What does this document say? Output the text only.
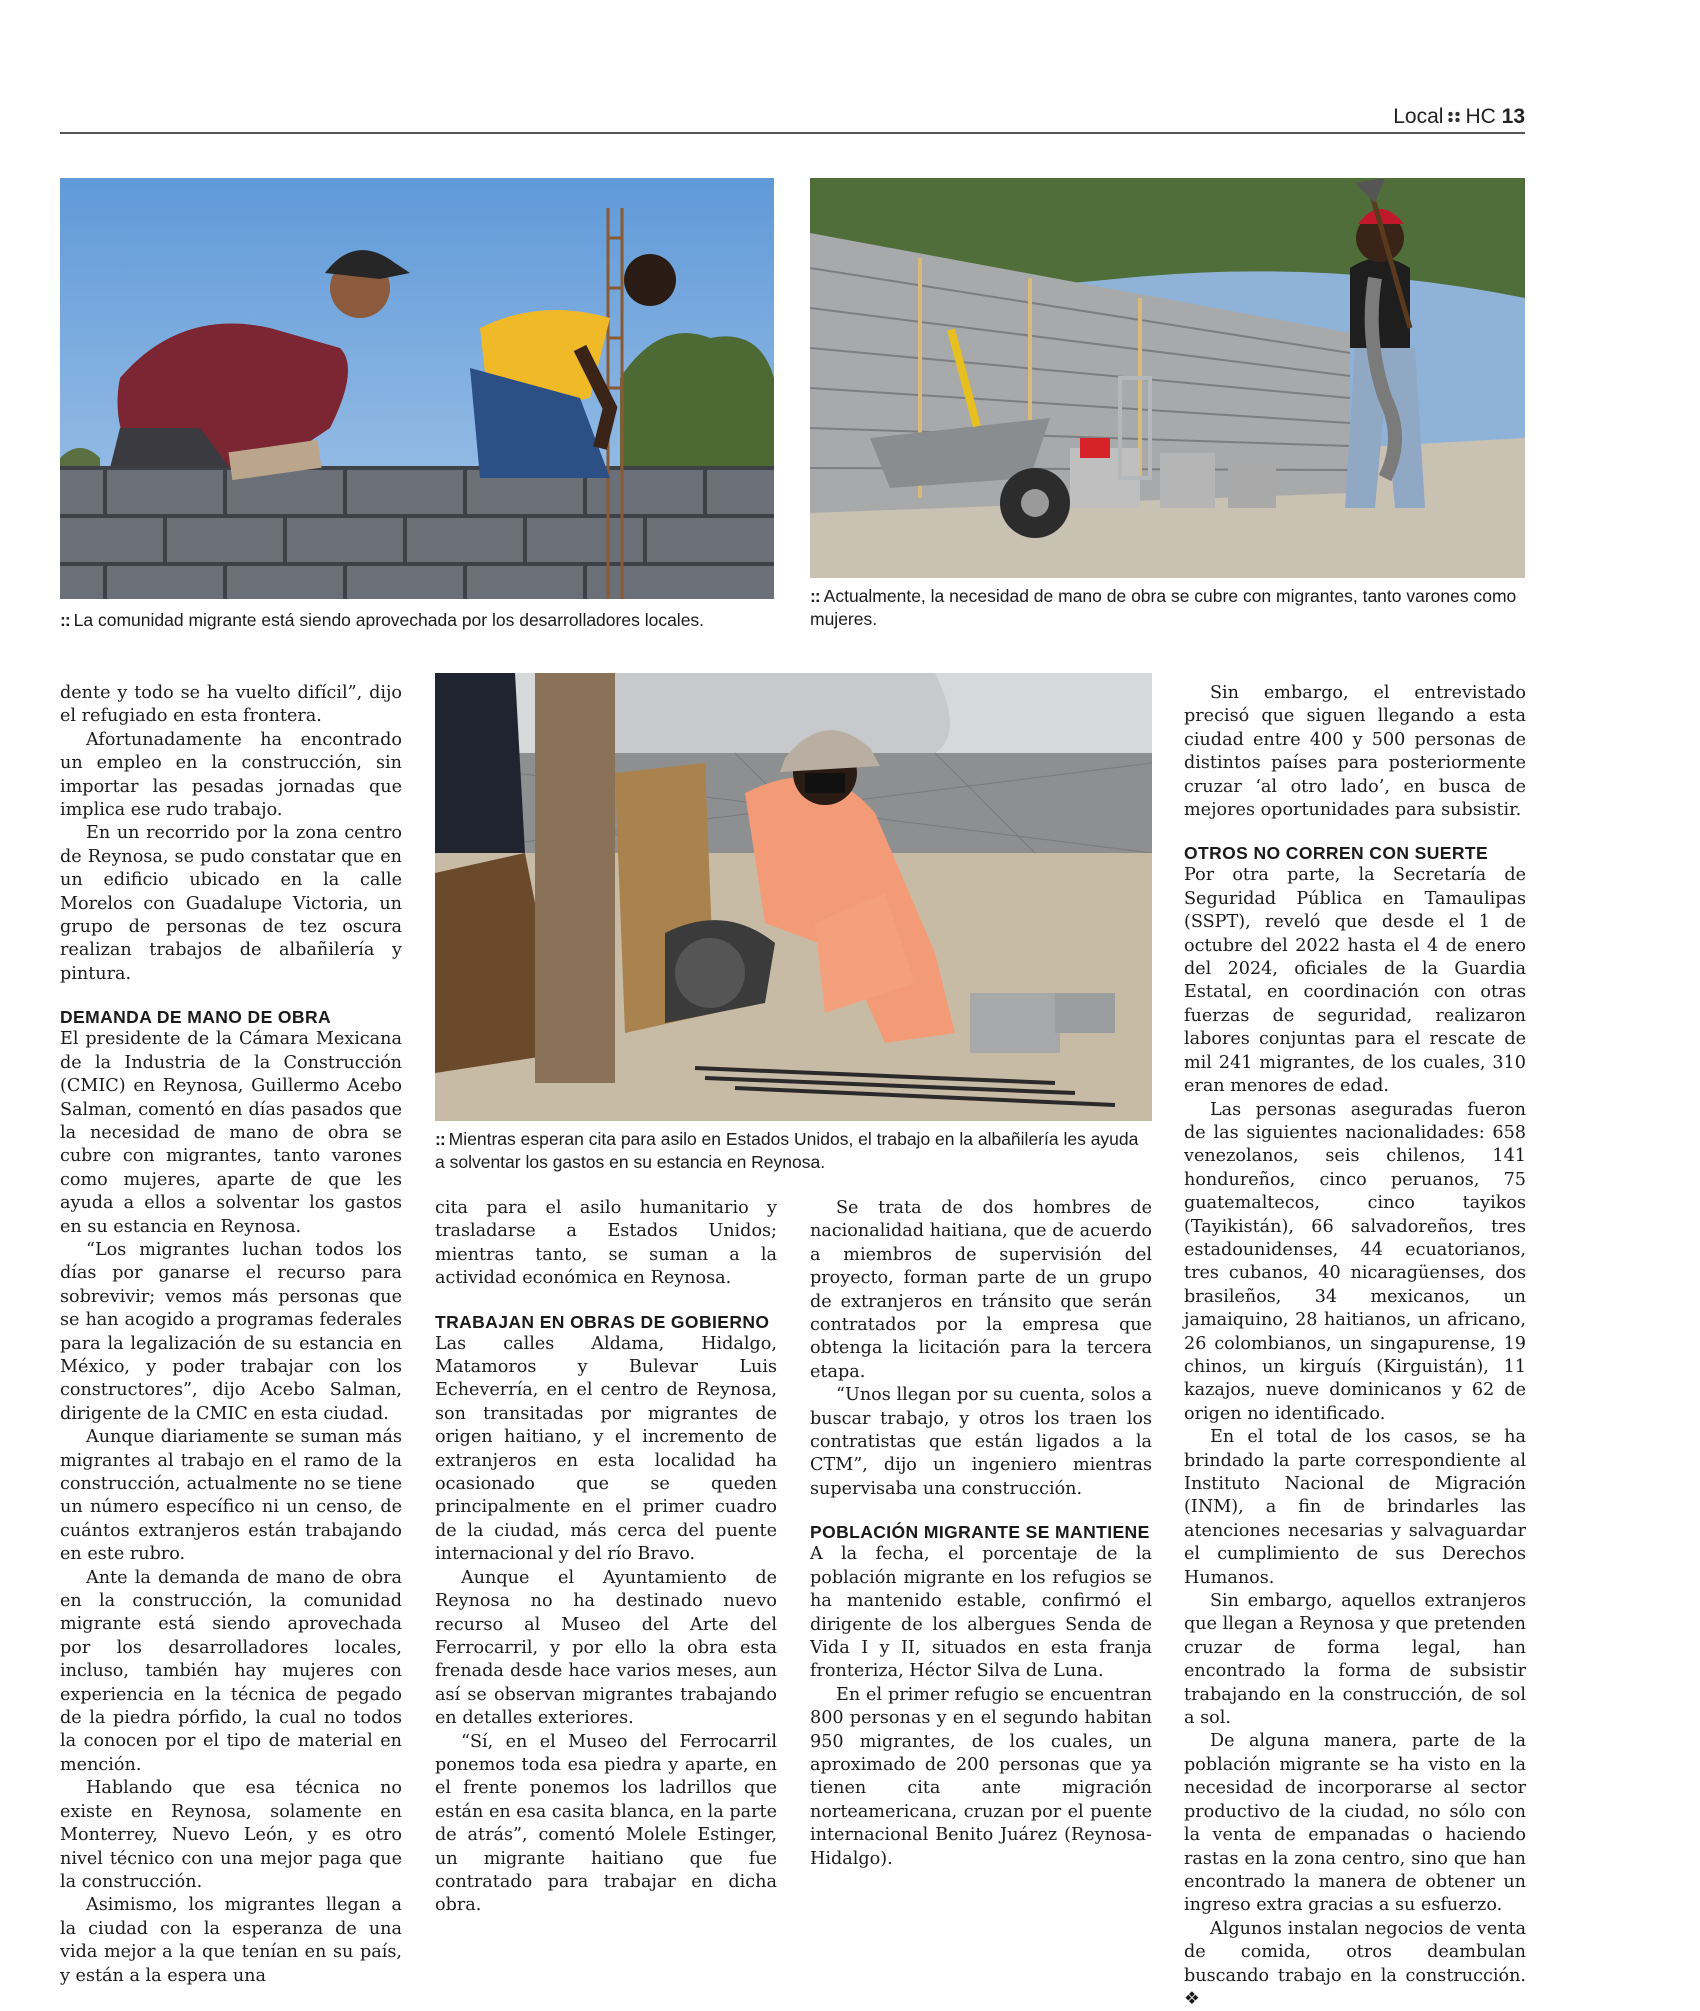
Local HC 13
:: La comunidad migrante está siendo aprovechada por los desarrolladores locales.
:: Actualmente, la necesidad de mano de obra se cubre con migrantes, tanto varones como mujeres.
:: Mientras esperan cita para asilo en Estados Unidos, el trabajo en la albañilería les ayuda a solventar los gastos en su estancia en Reynosa.

dente y todo se ha vuelto difícil”, dijo el refugiado en esta frontera.

Afortunadamente ha encontrado un empleo en la construcción, sin importar las pesadas jornadas que implica ese rudo trabajo.

En un recorrido por la zona centro de Reynosa, se pudo constatar que en un edificio ubicado en la calle Morelos con Guadalupe Victoria, un grupo de personas de tez oscura realizan trabajos de albañilería y pintura.

DEMANDA DE MANO DE OBRA

El presidente de la Cámara Mexicana de la Industria de la Construcción (CMIC) en Reynosa, Guillermo Acebo Salman, comentó en días pasados que la necesidad de mano de obra se cubre con migrantes, tanto varones como mujeres, aparte de que les ayuda a ellos a solventar los gastos en su estancia en Reynosa.

“Los migrantes luchan todos los días por ganarse el recurso para sobrevivir; vemos más personas que se han acogido a programas federales para la legalización de su estancia en México, y poder trabajar con los constructores”, dijo Acebo Salman, dirigente de la CMIC en esta ciudad.

Aunque diariamente se suman más migrantes al trabajo en el ramo de la construcción, actualmente no se tiene un número específico ni un censo, de cuántos extranjeros están trabajando en este rubro.

Ante la demanda de mano de obra en la construcción, la comunidad migrante está siendo aprovechada por los desarrolladores locales, incluso, también hay mujeres con experiencia en la técnica de pegado de la piedra pórfido, la cual no todos la conocen por el tipo de material en mención.

Hablando que esa técnica no existe en Reynosa, solamente en Monterrey, Nuevo León, y es otro nivel técnico con una mejor paga que la construcción.

Asimismo, los migrantes llegan a la ciudad con la esperanza de una vida mejor a la que tenían en su país, y están a la espera una

cita para el asilo humanitario y trasladarse a Estados Unidos; mientras tanto, se suman a la actividad económica en Reynosa.

TRABAJAN EN OBRAS DE GOBIERNO

Las calles Aldama, Hidalgo, Matamoros y Bulevar Luis Echeverría, en el centro de Reynosa, son transitadas por migrantes de origen haitiano, y el incremento de extranjeros en esta localidad ha ocasionado que se queden principalmente en el primer cuadro de la ciudad, más cerca del puente internacional y del río Bravo.

Aunque el Ayuntamiento de Reynosa no ha destinado nuevo recurso al Museo del Arte del Ferrocarril, y por ello la obra esta frenada desde hace varios meses, aun así se observan migrantes trabajando en detalles exteriores.

“Sí, en el Museo del Ferrocarril ponemos toda esa piedra y aparte, en el frente ponemos los ladrillos que están en esa casita blanca, en la parte de atrás”, comentó Molele Estinger, un migrante haitiano que fue contratado para trabajar en dicha obra.

Se trata de dos hombres de nacionalidad haitiana, que de acuerdo a miembros de supervisión del proyecto, forman parte de un grupo de extranjeros en tránsito que serán contratados por la empresa que obtenga la licitación para la tercera etapa.

“Unos llegan por su cuenta, solos a buscar trabajo, y otros los traen los contratistas que están ligados a la CTM”, dijo un ingeniero mientras supervisaba una construcción.

POBLACIÓN MIGRANTE SE MANTIENE

A la fecha, el porcentaje de la población migrante en los refugios se ha mantenido estable, confirmó el dirigente de los albergues Senda de Vida I y II, situados en esta franja fronteriza, Héctor Silva de Luna.

En el primer refugio se encuentran 800 personas y en el segundo habitan 950 migrantes, de los cuales, un aproximado de 200 personas que ya tienen cita ante migración norteamericana, cruzan por el puente internacional Benito Juárez (Reynosa-Hidalgo).

Sin embargo, el entrevistado precisó que siguen llegando a esta ciudad entre 400 y 500 personas de distintos países para posteriormente cruzar ‘al otro lado’, en busca de mejores oportunidades para subsistir.

OTROS NO CORREN CON SUERTE

Por otra parte, la Secretaría de Seguridad Pública en Tamaulipas (SSPT), reveló que desde el 1 de octubre del 2022 hasta el 4 de enero del 2024, oficiales de la Guardia Estatal, en coordinación con otras fuerzas de seguridad, realizaron labores conjuntas para el rescate de mil 241 migrantes, de los cuales, 310 eran menores de edad.

Las personas aseguradas fueron de las siguientes nacionalidades: 658 venezolanos, seis chilenos, 141 hondureños, cinco peruanos, 75 guatemaltecos, cinco tayikos (Tayikistán), 66 salvadoreños, tres estadounidenses, 44 ecuatorianos, tres cubanos, 40 nicaragüenses, dos brasileños, 34 mexicanos, un jamaiquino, 28 haitianos, un africano, 26 colombianos, un singapurense, 19 chinos, un kirguís (Kirguistán), 11 kazajos, nueve dominicanos y 62 de origen no identificado.

En el total de los casos, se ha brindado la parte correspondiente al Instituto Nacional de Migración (INM), a fin de brindarles las atenciones necesarias y salvaguardar el cumplimiento de sus Derechos Humanos.

Sin embargo, aquellos extranjeros que llegan a Reynosa y que pretenden cruzar de forma legal, han encontrado la forma de subsistir trabajando en la construcción, de sol a sol.

De alguna manera, parte de la población migrante se ha visto en la necesidad de incorporarse al sector productivo de la ciudad, no sólo con la venta de empanadas o haciendo rastas en la zona centro, sino que han encontrado la manera de obtener un ingreso extra gracias a su esfuerzo.

Algunos instalan negocios de venta de comida, otros deambulan buscando trabajo en la construcción. ❖
